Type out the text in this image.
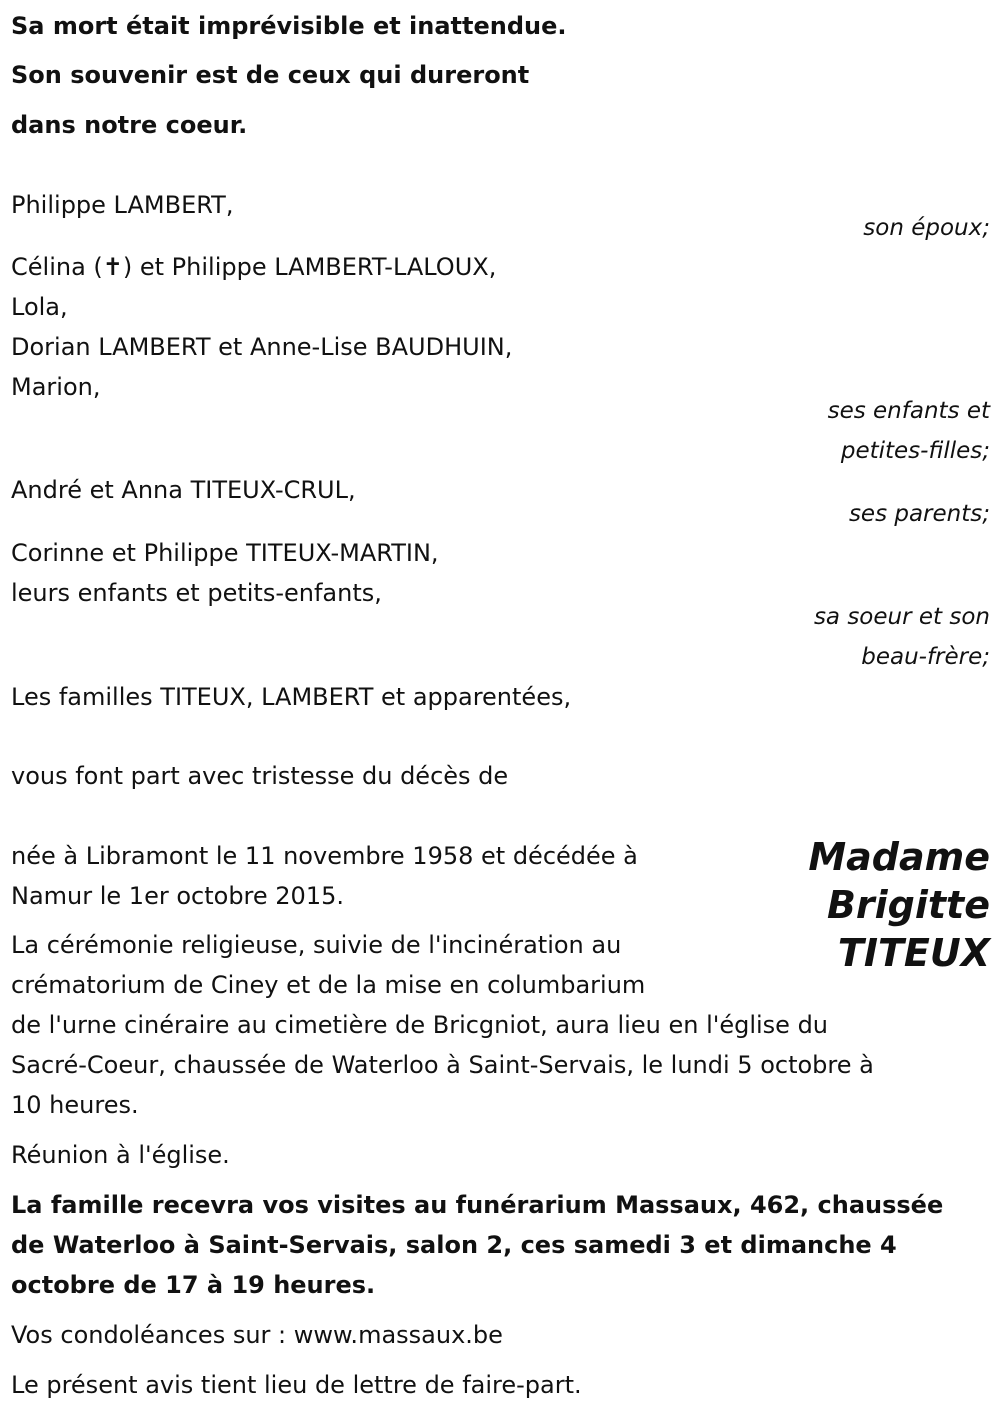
Sa mort était imprévisible et inattendue.

Son souvenir est de ceux qui dureront

dans notre coeur.

Philippe LAMBERT,

son époux;

Célina (✝) et Philippe LAMBERT-LALOUX,

Lola,

Dorian LAMBERT et Anne-Lise BAUDHUIN,

Marion,

ses enfants et

petites-filles;

André et Anna TITEUX-CRUL,

ses parents;

Corinne et Philippe TITEUX-MARTIN,

leurs enfants et petits-enfants,

sa soeur et son

beau-frère;

Les familles TITEUX, LAMBERT et apparentées,

vous font part avec tristesse du décès de

Madame

Brigitte

TITEUX

née à Libramont le 11 novembre 1958 et décédée à

Namur le 1er octobre 2015.

La cérémonie religieuse, suivie de l'incinération au

crématorium de Ciney et de la mise en columbarium

de l'urne cinéraire au cimetière de Bricgniot, aura lieu en l'église du

Sacré-Coeur, chaussée de Waterloo à Saint-Servais, le lundi 5 octobre à

10 heures.

Réunion à l'église.

La famille recevra vos visites au funérarium Massaux, 462, chaussée

de Waterloo à Saint-Servais, salon 2, ces samedi 3 et dimanche 4

octobre de 17 à 19 heures.

Vos condoléances sur : www.massaux.be

Le présent avis tient lieu de lettre de faire-part.
